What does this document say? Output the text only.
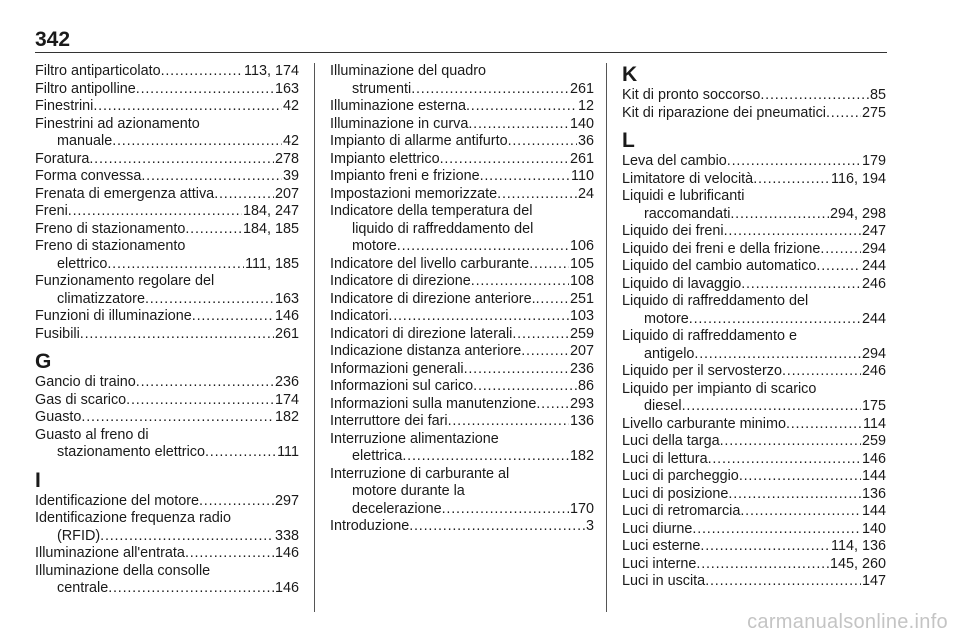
342
Filtro antiparticolato . . .	113, 174
Filtro antipolline . . .	163
Finestrini . . .	42
Finestrini ad azionamento
manuale . . .	42
Foratura . . .	278
Forma convessa . . .	39
Frenata di emergenza attiva . . .	207
Freni . . .	184, 247
Freno di stazionamento . . .	184, 185
Freno di stazionamento
elettrico . . .	111, 185
Funzionamento regolare del
climatizzatore . . .	163
Funzioni di illuminazione . . .	146
Fusibili . . .	261
G
Gancio di traino . . .	236
Gas di scarico . . .	174
Guasto . . .	182
Guasto al freno di
stazionamento elettrico . . .	111
I
Identificazione del motore . . .	297
Identificazione frequenza radio
(RFID) . . .	338
Illuminazione all'entrata . . .	146
Illuminazione della consolle
centrale . . .	146
Illuminazione del quadro
strumenti . . .	261
Illuminazione esterna . . .	12
Illuminazione in curva . . .	140
Impianto di allarme antifurto . . .	36
Impianto elettrico . . .	261
Impianto freni e frizione . . .	110
Impostazioni memorizzate . . .	24
Indicatore della temperatura del
liquido di raffreddamento del
motore . . .	106
Indicatore del livello carburante . . .	105
Indicatore di direzione . . .	108
Indicatore di direzione anteriore. . . . 251
Indicatori . . .	103
Indicatori di direzione laterali . . .	259
Indicazione distanza anteriore . . .	207
Informazioni generali . . .	236
Informazioni sul carico . . .	86
Informazioni sulla manutenzione . . . 293
Interruttore dei fari . . .	136
Interruzione alimentazione
elettrica . . .	182
Interruzione di carburante al
motore durante la
decelerazione . . .	170
Introduzione . . .	3
K
Kit di pronto soccorso . . .	85
Kit di riparazione dei pneumatici . . .	275
L
Leva del cambio . . .	179
Limitatore di velocità . . .	116, 194
Liquidi e lubrificanti
raccomandati . . .	294, 298
Liquido dei freni . . .	247
Liquido dei freni e della frizione . . .	294
Liquido del cambio automatico . . .	244
Liquido di lavaggio . . .	246
Liquido di raffreddamento del
motore . . .	244
Liquido di raffreddamento e
antigelo . . .	294
Liquido per il servosterzo . . .	246
Liquido per impianto di scarico
diesel . . .	175
Livello carburante minimo . . .	114
Luci della targa . . .	259
Luci di lettura . . .	146
Luci di parcheggio . . .	144
Luci di posizione . . .	136
Luci di retromarcia . . .	144
Luci diurne . . .	140
Luci esterne . . .	114, 136
Luci interne . . .	145, 260
Luci in uscita . . .	147
carmanualsonline.info
